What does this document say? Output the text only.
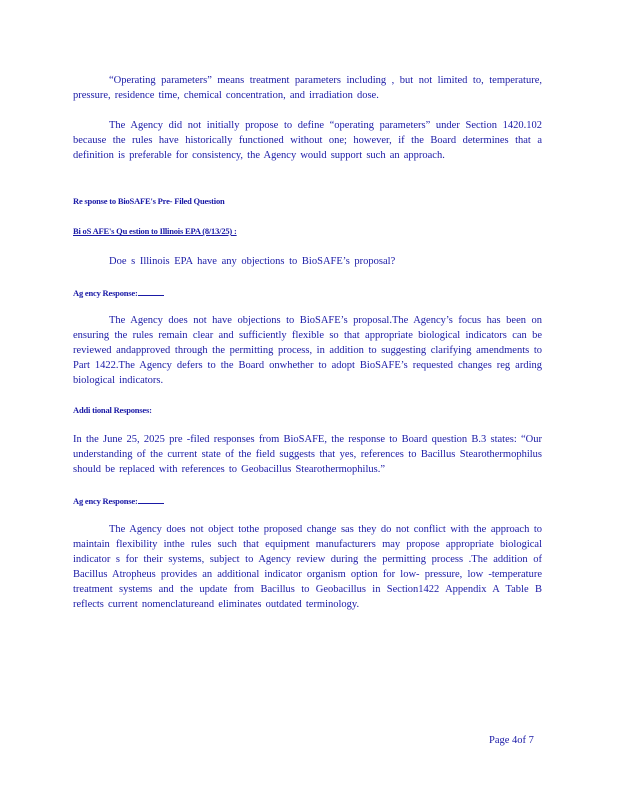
“Operating parameters” means treatment parameters including , but not limited to, temperature, pressure, residence time, chemical concentration, and irradiation dose.

The Agency did not initially propose to define “operating parameters” under Section 1420.102 because the rules have historically functioned without one; however, if the Board determines that a definition is preferable for consistency, the Agency would support such an approach.

Re sponse to BioSAFE's Pre- Filed Question

Bi oS AFE's Qu estion to Illinois EPA (8/13/25) :

Doe s Illinois EPA have any objections to BioSAFE’s proposal?

Ag ency Response:

The Agency does not have objections to BioSAFE’s proposal.The Agency’s focus has been on ensuring the rules remain clear and sufficiently flexible so that appropriate biological indicators can be reviewed andapproved through the permitting process, in addition to suggesting clarifying amendments to Part 1422.The Agency defers to the Board onwhether to adopt BioSAFE’s requested changes reg arding biological indicators.

Addi tional Responses:

In the June 25, 2025 pre -filed responses from BioSAFE, the response to Board question B.3 states: “Our understanding of the current state of the field suggests that yes, references to Bacillus Stearothermophilus should be replaced with references to Geobacillus Stearothermophilus.”

Ag ency Response:

The Agency does not object tothe proposed change sas they do not conflict with the approach to maintain flexibility inthe rules such that equipment manufacturers may propose appropriate biological indicator s for their systems, subject to Agency review during the permitting process .The addition of Bacillus Atropheus provides an additional indicator organism option for low- pressure, low -temperature treatment systems and the update from Bacillus to Geobacillus in Section1422 Appendix A Table B reflects current nomenclatureand eliminates outdated terminology.

Page 4of 7
